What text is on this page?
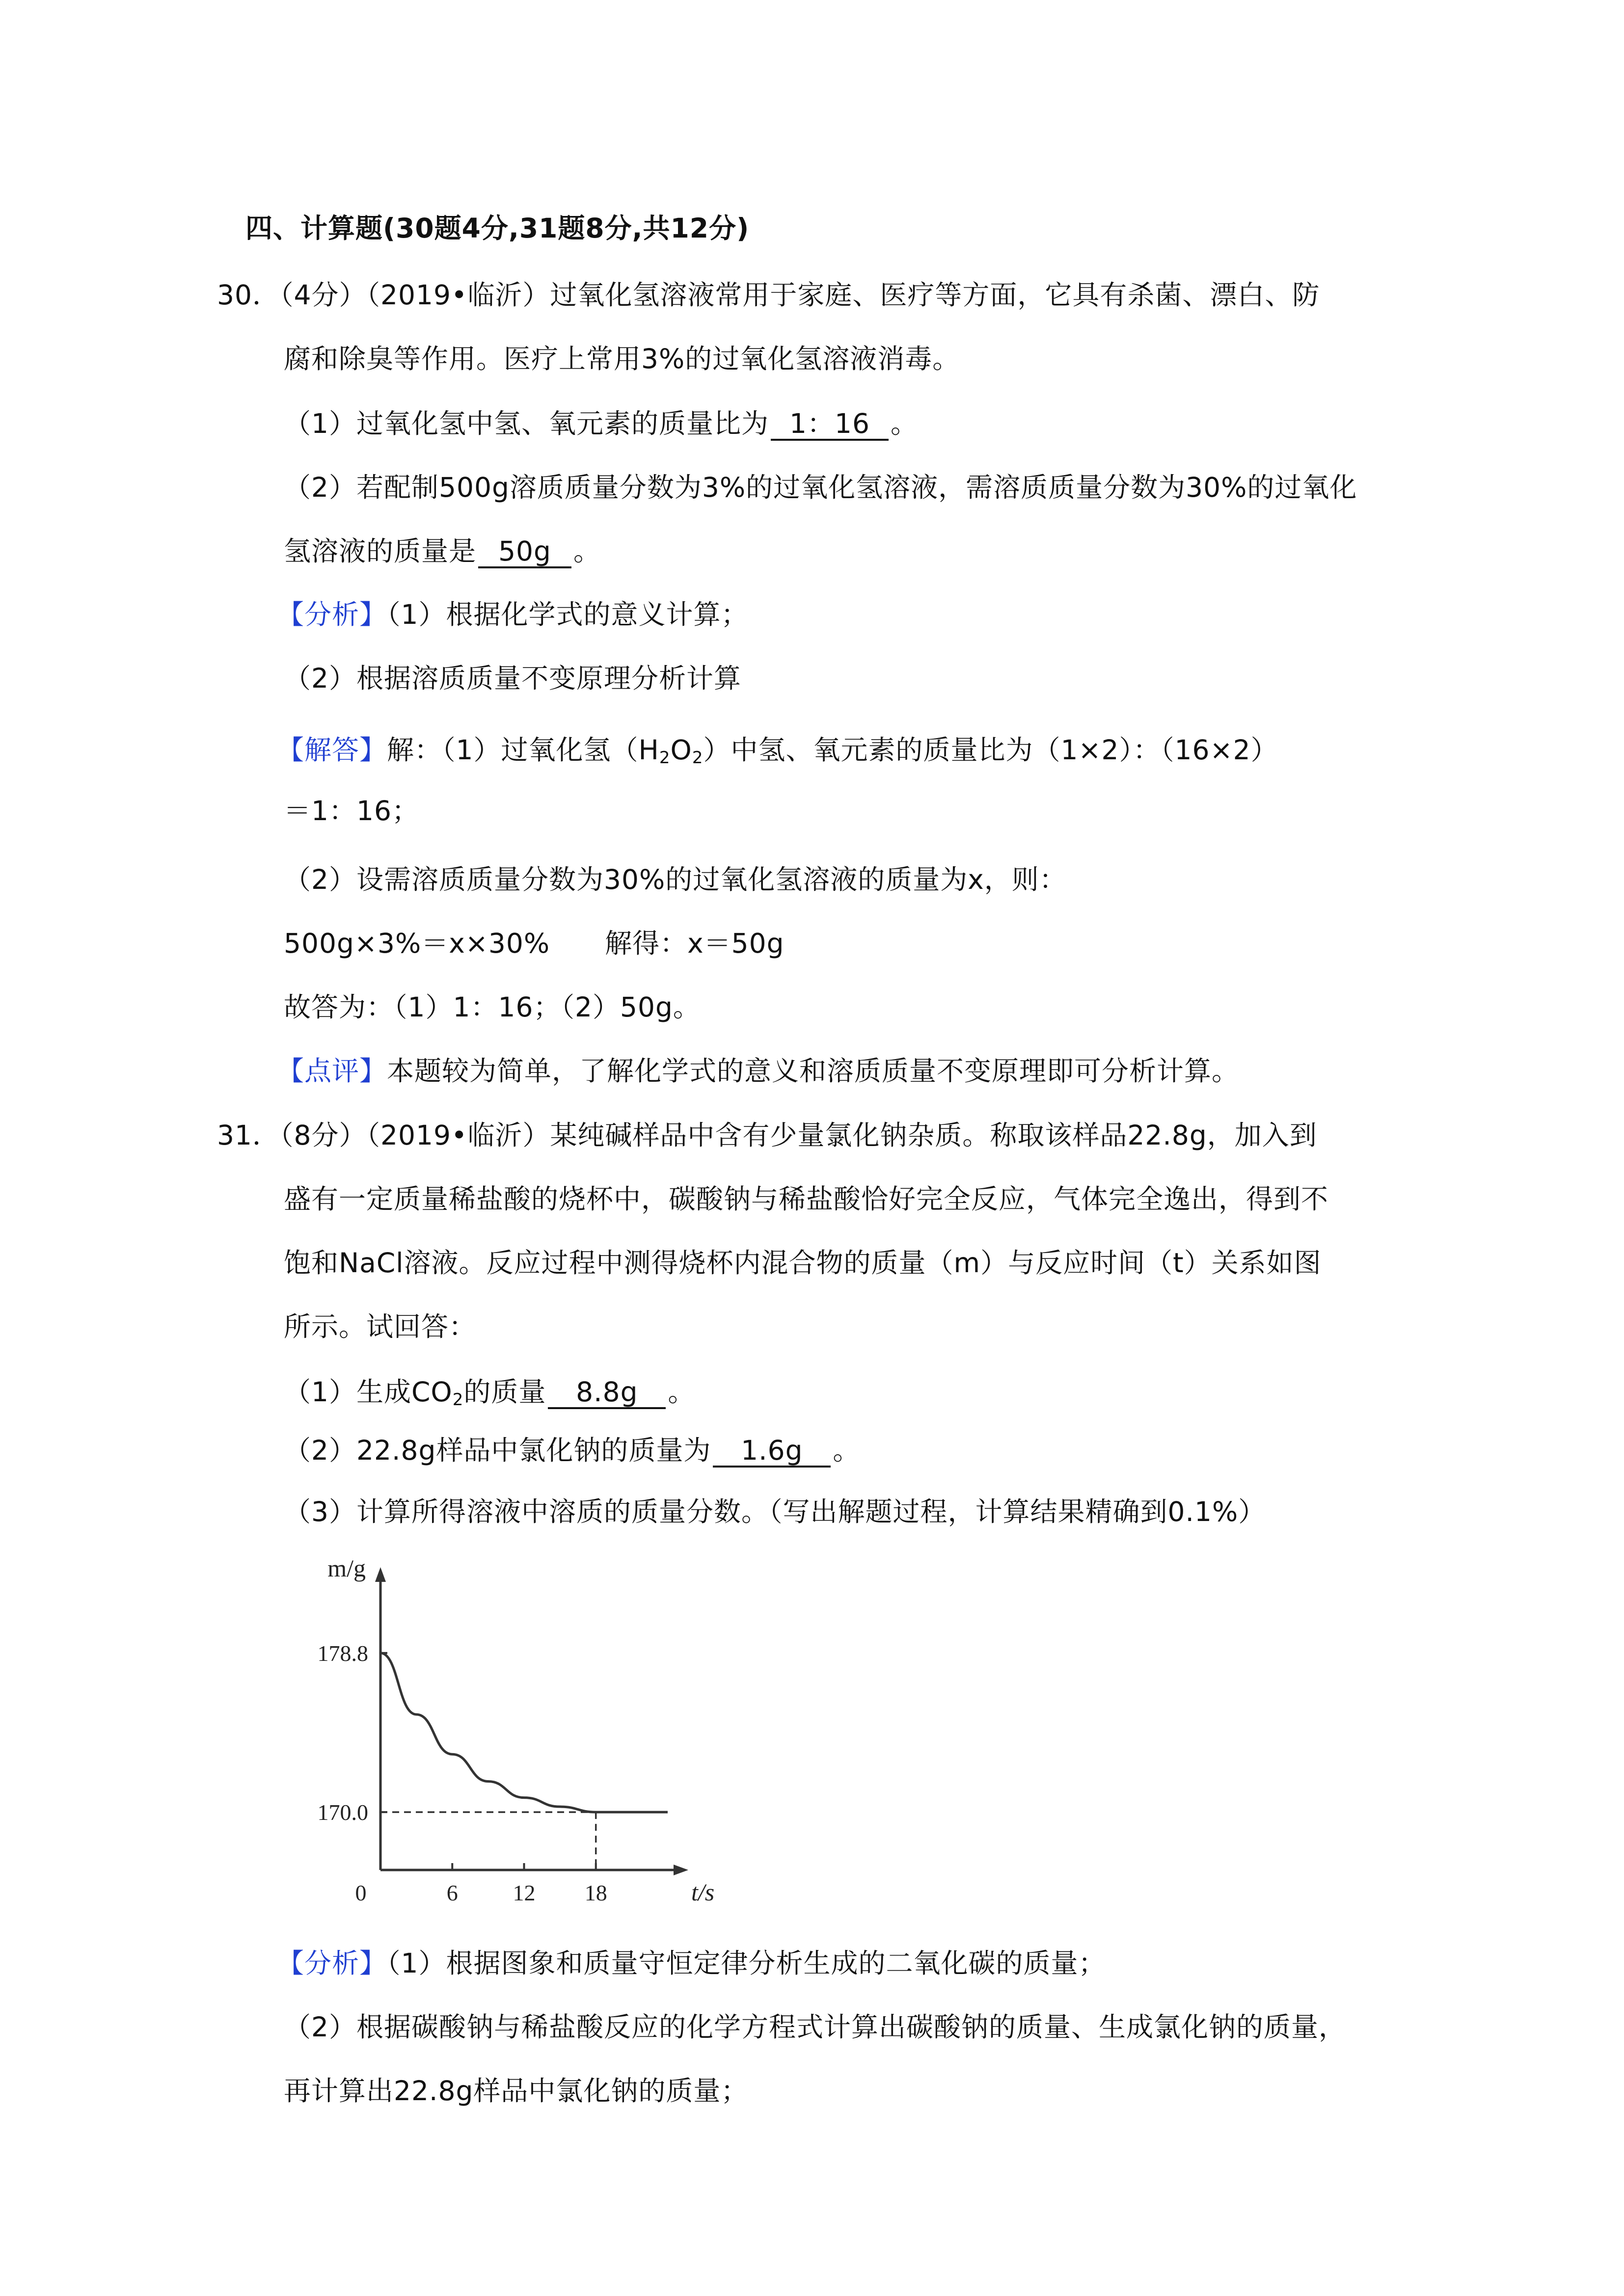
四、计算题(30题4分,31题8分,共12分)
30．（4分）（2019•临沂）过氧化氢溶液常用于家庭、医疗等方面，它具有杀菌、漂白、防
腐和除臭等作用。医疗上常用3%的过氧化氢溶液消毒。
（1）过氧化氢中氢、氧元素的质量比为 1：16 。
（2）若配制500g溶质质量分数为3%的过氧化氢溶液，需溶质质量分数为30%的过氧化
氢溶液的质量是 50g 。
【分析】（1）根据化学式的意义计算；
（2）根据溶质质量不变原理分析计算
【解答】解：（1）过氧化氢$(H_2O_2)$中氢、氧元素的质量比为（1×2）：（16×2）
＝1：16；
（2）设需溶质质量分数为30%的过氧化氢溶液的质量为x，则：
500g×3%＝x×30%　　解得：x＝50g
故答为：（1）1：16；（2）50g。
【点评】本题较为简单，了解化学式的意义和溶质质量不变原理即可分析计算。
31．（8分）（2019•临沂）某纯碱样品中含有少量氯化钠杂质。称取该样品22.8g，加入到
盛有一定质量稀盐酸的烧杯中，碳酸钠与稀盐酸恰好完全反应，气体完全逸出，得到不
饱和NaCl溶液。反应过程中测得烧杯内混合物的质量（m）与反应时间（t）关系如图
所示。试回答：
（1）生成$CO_2$的质量 8.8g 。
（2）22.8g样品中氯化钠的质量为 1.6g 。
（3）计算所得溶液中溶质的质量分数。（写出解题过程，计算结果精确到0.1%）
m/g
t/s
0	6 12 18
178.8
170.0
【分析】（1）根据图象和质量守恒定律分析生成的二氧化碳的质量；
（2）根据碳酸钠与稀盐酸反应的化学方程式计算出碳酸钠的质量、生成氯化钠的质量，
再计算出22.8g样品中氯化钠的质量；
